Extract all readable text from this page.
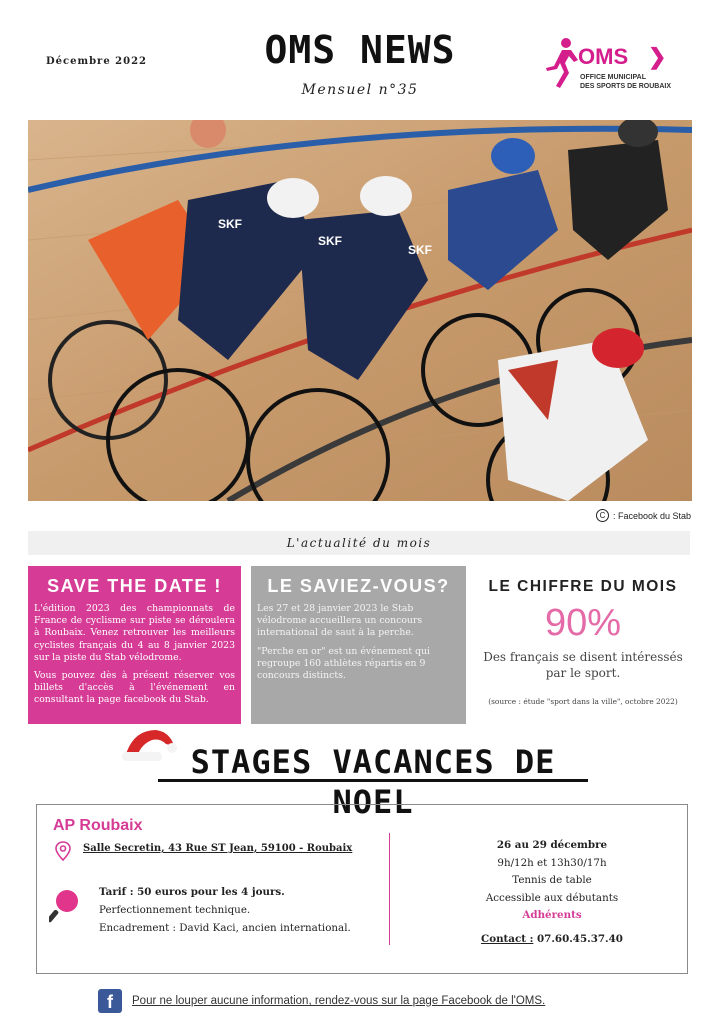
Décembre 2022	OMS NEWS
Mensuel n°35
OMS ❯
OFFICE MUNICIPAL
DES SPORTS DE ROUBAIX
SKF
SKF
SKF
C : Facebook du Stab
L'actualité du mois
SAVE THE DATE !

L'édition 2023 des championnats de France de cyclisme sur piste se déroulera à Roubaix. Venez retrouver les meilleurs cyclistes français du 4 au 8 janvier 2023 sur la piste du Stab vélodrome.

Vous pouvez dès à présent réserver vos billets d'accès à l'événement en consultant la page facebook du Stab.

LE SAVIEZ-VOUS?

Les 27 et 28 janvier 2023 le Stab vélodrome accueillera un concours international de saut à la perche.

"Perche en or" est un événement qui regroupe 160 athlètes répartis en 9 concours distincts.

LE CHIFFRE DU MOIS
90%
Des français se disent intéressés par le sport.
(source : étude "sport dans la ville", octobre 2022)
STAGES VACANCES DE NOEL
AP Roubaix
Salle Secretin, 43 Rue ST Jean, 59100 - Roubaix
Tarif : 50 euros pour les 4 jours.
Perfectionnement technique.
Encadrement : David Kaci, ancien international.
26 au 29 décembre
9h/12h et 13h30/17h
Tennis de table
Accessible aux débutants
Adhérents
Contact : 07.60.45.37.40
f	Pour ne louper aucune information, rendez-vous sur la page Facebook de l'OMS.
